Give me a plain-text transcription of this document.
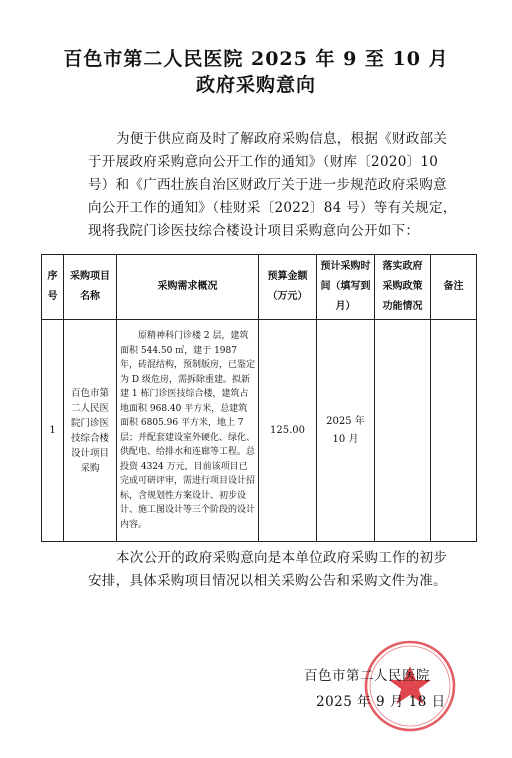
百色市第二人民医院 2025 年 9 至 10 月
政府采购意向
为便于供应商及时了解政府采购信息，根据《财政部关于开展政府采购意向公开工作的通知》（财库〔2020〕10 号）和《广西壮族自治区财政厅关于进一步规范政府采购意向公开工作的通知》（桂财采〔2022〕84 号）等有关规定，现将我院门诊医技综合楼设计项目采购意向公开如下：
序号	采购项目名称	采购需求概况	预算金额（万元）	预计采购时间（填写到月）	落实政府采购政策功能情况	备注
1	百色市第二人民医院门诊医技综合楼设计项目采购	原精神科门诊楼 2 层，建筑面积 544.50 ㎡，建于 1987 年，砖混结构，预制版房，已鉴定为 D 级危房，需拆除重建。拟新建 1 栋门诊医技综合楼，建筑占地面积 968.40 平方米，总建筑面积 6805.96 平方米，地上 7 层；并配套建设室外硬化、绿化、供配电、给排水和连廊等工程。总投资 4324 万元，目前该项目已完成可研评审，需进行项目设计招标，含规划性方案设计、初步设计、施工图设计等三个阶段的设计内容。	125.00	2025 年 10 月		
本次公开的政府采购意向是本单位政府采购工作的初步安排，具体采购项目情况以相关采购公告和采购文件为准。
百色市第二人民医院
2025 年 9 月 18 日
